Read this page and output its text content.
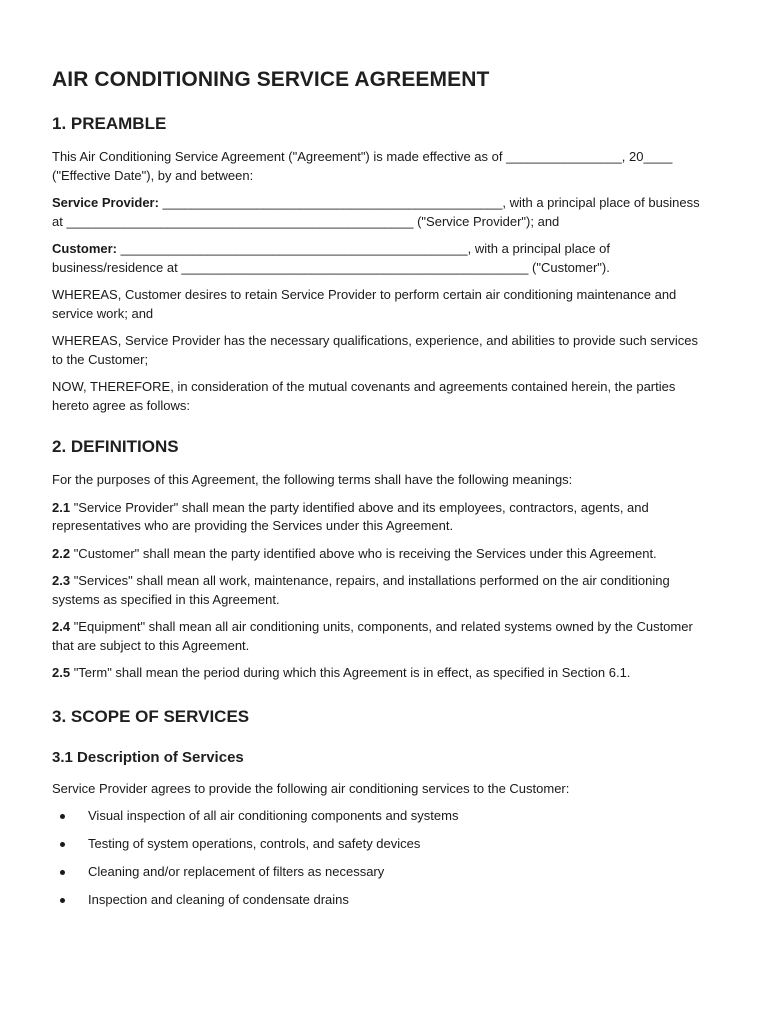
AIR CONDITIONING SERVICE AGREEMENT
1. PREAMBLE

This Air Conditioning Service Agreement ("Agreement") is made effective as of ________________, 20____ ("Effective Date"), by and between:

Service Provider: _______________________________________________, with a principal place of business at ________________________________________________ ("Service Provider"); and

Customer: ________________________________________________, with a principal place of business/residence at ________________________________________________ ("Customer").

WHEREAS, Customer desires to retain Service Provider to perform certain air conditioning maintenance and service work; and

WHEREAS, Service Provider has the necessary qualifications, experience, and abilities to provide such services to the Customer;

NOW, THEREFORE, in consideration of the mutual covenants and agreements contained herein, the parties hereto agree as follows:

2. DEFINITIONS

For the purposes of this Agreement, the following terms shall have the following meanings:

2.1 "Service Provider" shall mean the party identified above and its employees, contractors, agents, and representatives who are providing the Services under this Agreement.

2.2 "Customer" shall mean the party identified above who is receiving the Services under this Agreement.

2.3 "Services" shall mean all work, maintenance, repairs, and installations performed on the air conditioning systems as specified in this Agreement.

2.4 "Equipment" shall mean all air conditioning units, components, and related systems owned by the Customer that are subject to this Agreement.

2.5 "Term" shall mean the period during which this Agreement is in effect, as specified in Section 6.1.

3. SCOPE OF SERVICES
3.1 Description of Services

Service Provider agrees to provide the following air conditioning services to the Customer:

Visual inspection of all air conditioning components and systems
Testing of system operations, controls, and safety devices
Cleaning and/or replacement of filters as necessary
Inspection and cleaning of condensate drains
